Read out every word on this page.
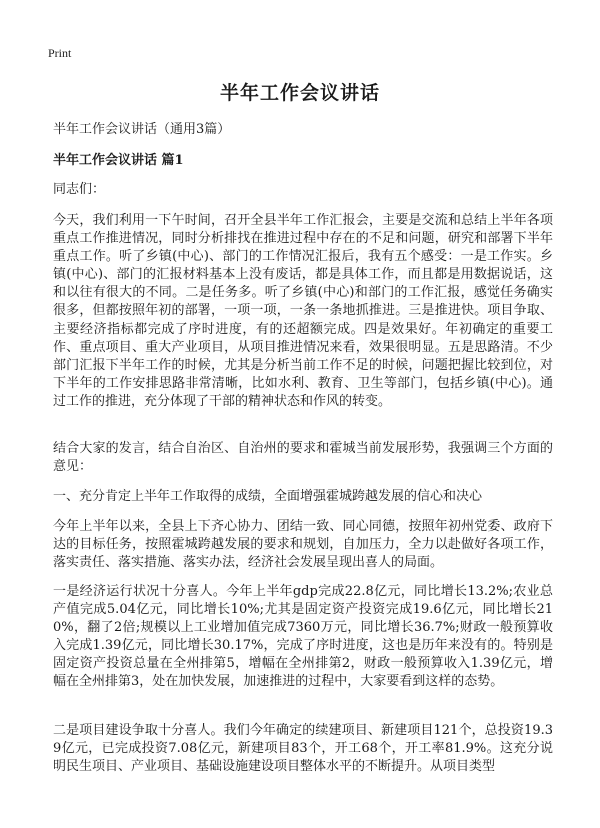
Print
半年工作会议讲话
半年工作会议讲话（通用3篇）
半年工作会议讲话 篇1
同志们：

今天，我们利用一下午时间，召开全县半年工作汇报会，主要是交流和总结上半年各项重点工作推进情况，同时分析排找在推进过程中存在的不足和问题，研究和部署下半年重点工作。听了乡镇(中心)、部门的工作情况汇报后，我有五个感受：一是工作实。乡镇(中心)、部门的汇报材料基本上没有废话，都是具体工作，而且都是用数据说话，这和以往有很大的不同。二是任务多。听了乡镇(中心)和部门的工作汇报，感觉任务确实很多，但都按照年初的部署，一项一项，一条一条地抓推进。三是推进快。项目争取、主要经济指标都完成了序时进度，有的还超额完成。四是效果好。年初确定的重要工作、重点项目、重大产业项目，从项目推进情况来看，效果很明显。五是思路清。不少部门汇报下半年工作的时候，尤其是分析当前工作不足的时候，问题把握比较到位，对下半年的工作安排思路非常清晰，比如水利、教育、卫生等部门，包括乡镇(中心)。通过工作的推进，充分体现了干部的精神状态和作风的转变。

结合大家的发言，结合自治区、自治州的要求和霍城当前发展形势，我强调三个方面的意见：

一、充分肯定上半年工作取得的成绩，全面增强霍城跨越发展的信心和决心

今年上半年以来，全县上下齐心协力、团结一致、同心同德，按照年初州党委、政府下达的目标任务，按照霍城跨越发展的要求和规划，自加压力，全力以赴做好各项工作，落实责任、落实措施、落实办法，经济社会发展呈现出喜人的局面。

一是经济运行状况十分喜人。今年上半年gdp完成22.8亿元，同比增长13.2%;农业总产值完成5.04亿元，同比增长10%;尤其是固定资产投资完成19.6亿元，同比增长210%，翻了2倍;规模以上工业增加值完成7360万元，同比增长36.7%;财政一般预算收入完成1.39亿元，同比增长30.17%，完成了序时进度，这也是历年来没有的。特别是固定资产投资总量在全州排第5，增幅在全州排第2，财政一般预算收入1.39亿元，增幅在全州排第3，处在加快发展，加速推进的过程中，大家要看到这样的态势。

二是项目建设争取十分喜人。我们今年确定的续建项目、新建项目121个，总投资19.39亿元，已完成投资7.08亿元，新建项目83个，开工68个，开工率81.9%。这充分说明民生项目、产业项目、基础设施建设项目整体水平的不断提升。从项目类型
